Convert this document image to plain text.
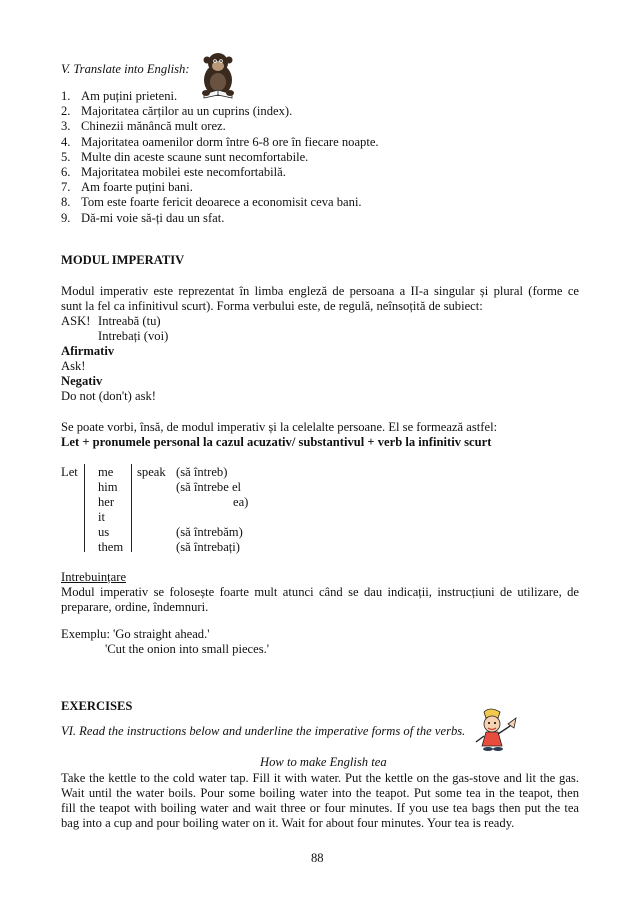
V. Translate into English:
1. Am puțini prieteni.
2. Majoritatea cărților au un cuprins (index).
3. Chinezii mănâncă mult orez.
4. Majoritatea oamenilor dorm între 6-8 ore în fiecare noapte.
5. Multe din aceste scaune sunt necomfortabile.
6. Majoritatea mobilei este necomfortabilă.
7. Am foarte puțini bani.
8. Tom este foarte fericit deoarece a economisit ceva bani.
9. Dă-mi voie să-ți dau un sfat.
MODUL IMPERATIV
Modul imperativ este reprezentat în limba engleză de persoana a II-a singular și plural (forme ce
sunt la fel ca infinitivul scurt). Forma verbului este, de regulă, neînsoțită de subiect:
ASK! Intreabă (tu)
Intrebați (voi)
Afirmativ
Ask!
Negativ
Do not (don't) ask!
Se poate vorbi, însă, de modul imperativ și la celelalte persoane. El se formează astfel:
Let + pronumele personal la cazul acuzativ/ substantivul + verb la infinitiv scurt
Let me
him
her
it
us
them
speak (să întreb)
(să întrebe el
ea)
(să întrebăm)
(să întrebați)
Intrebuințare
Modul imperativ se folosește foarte mult atunci când se dau indicații, instrucțiuni de utilizare, de
preparare, ordine, îndemnuri.
Exemplu: 'Go straight ahead.'
'Cut the onion into small pieces.'
EXERCISES
VI. Read the instructions below and underline the imperative forms of the verbs.
How to make English tea
Take the kettle to the cold water tap. Fill it with water. Put the kettle on the gas-stove and lit the gas.
Wait until the water boils. Pour some boiling water into the teapot. Put some tea in the teapot, then
fill the teapot with boiling water and wait three or four minutes. If you use tea bags then put the tea
bag into a cup and pour boiling water on it. Wait for about four minutes. Your tea is ready.
88
